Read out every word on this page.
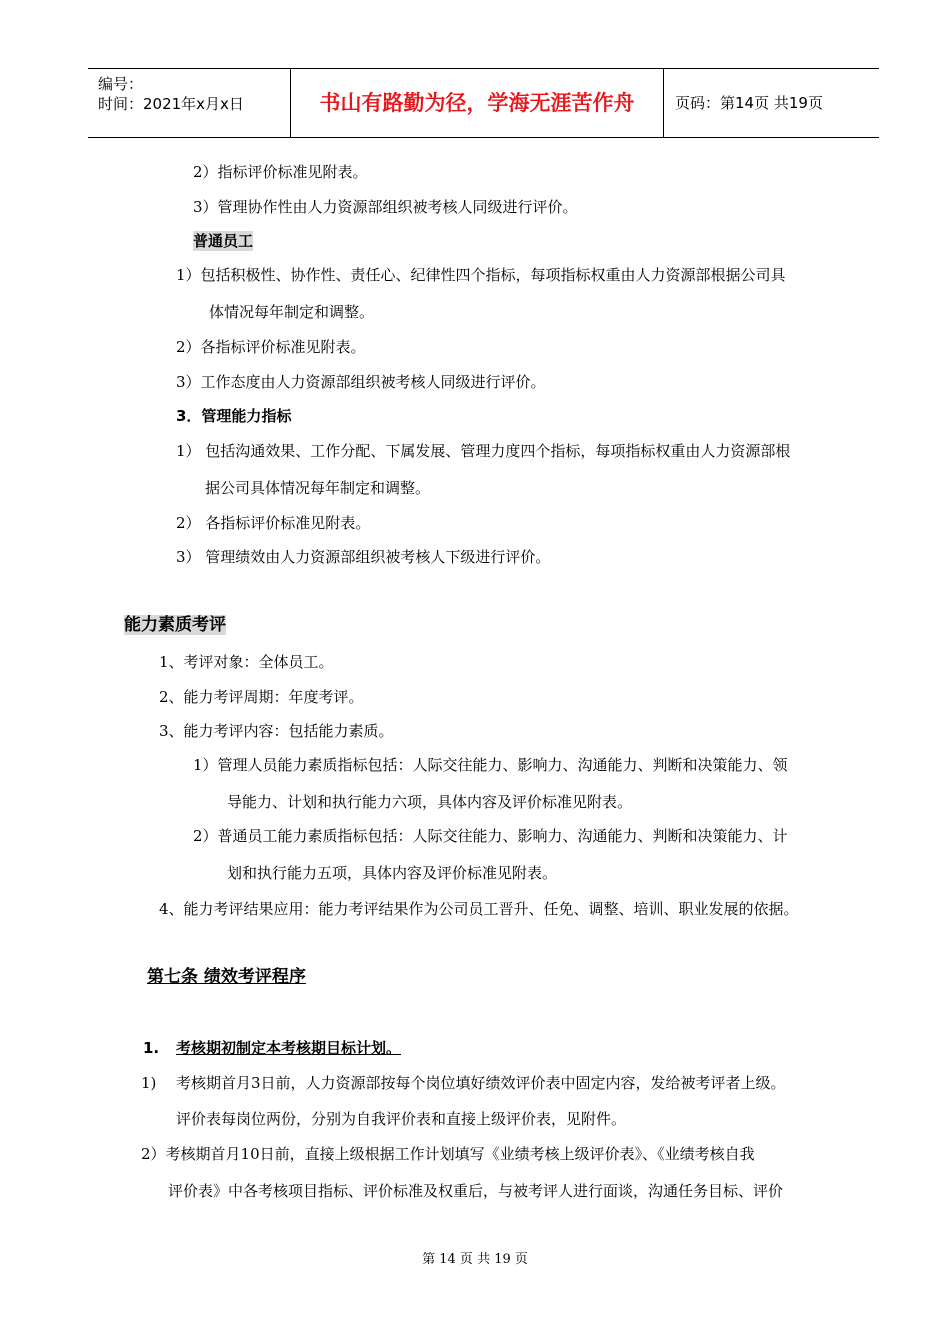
编号：
时间：2021年x月x日	书山有路勤为径，学海无涯苦作舟	页码：第14页 共19页
2）指标评价标准见附表。
3）管理协作性由人力资源部组织被考核人同级进行评价。
普通员工
1）包括积极性、协作性、责任心、纪律性四个指标，每项指标权重由人力资源部根据公司具
体情况每年制定和调整。
2）各指标评价标准见附表。
3）工作态度由人力资源部组织被考核人同级进行评价。
3．管理能力指标
1） 包括沟通效果、工作分配、下属发展、管理力度四个指标，每项指标权重由人力资源部根
据公司具体情况每年制定和调整。
2） 各指标评价标准见附表。
3） 管理绩效由人力资源部组织被考核人下级进行评价。
能力素质考评
1、考评对象：全体员工。
2、能力考评周期：年度考评。
3、能力考评内容：包括能力素质。
1）管理人员能力素质指标包括：人际交往能力、影响力、沟通能力、判断和决策能力、领
导能力、计划和执行能力六项，具体内容及评价标准见附表。
2）普通员工能力素质指标包括：人际交往能力、影响力、沟通能力、判断和决策能力、计
划和执行能力五项，具体内容及评价标准见附表。
4、能力考评结果应用：能力考评结果作为公司员工晋升、任免、调整、培训、职业发展的依据。
第七条 绩效考评程序
1. 考核期初制定本考核期目标计划。
1) 考核期首月3日前，人力资源部按每个岗位填好绩效评价表中固定内容，发给被考评者上级。
评价表每岗位两份，分别为自我评价表和直接上级评价表，见附件。
2）考核期首月10日前，直接上级根据工作计划填写《业绩考核上级评价表》、《业绩考核自我
评价表》中各考核项目指标、评价标准及权重后，与被考评人进行面谈，沟通任务目标、评价
第 14 页 共 19 页
